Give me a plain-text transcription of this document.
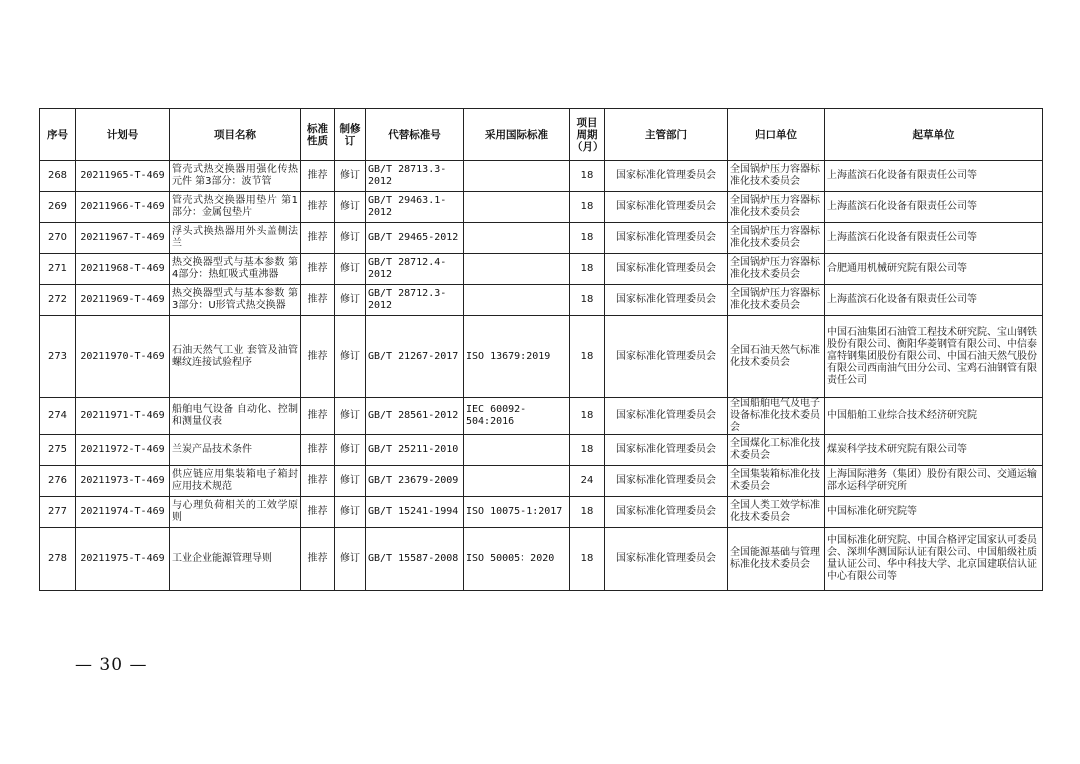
序号	计划号	项目名称	标准性质	制修订	代替标准号	采用国际标准	项目周期（月）	主管部门	归口单位	起草单位
268	20211965-T-469	管壳式热交换器用强化传热元件 第3部分：波节管	推荐	修订	GB/T 28713.3-2012		18	国家标准化管理委员会	全国锅炉压力容器标准化技术委员会	上海蓝滨石化设备有限责任公司等
269	20211966-T-469	管壳式热交换器用垫片 第1部分：金属包垫片	推荐	修订	GB/T 29463.1-2012		18	国家标准化管理委员会	全国锅炉压力容器标准化技术委员会	上海蓝滨石化设备有限责任公司等
270	20211967-T-469	浮头式换热器用外头盖侧法兰	推荐	修订	GB/T 29465-2012		18	国家标准化管理委员会	全国锅炉压力容器标准化技术委员会	上海蓝滨石化设备有限责任公司等
271	20211968-T-469	热交换器型式与基本参数 第4部分：热虹吸式重沸器	推荐	修订	GB/T 28712.4-2012		18	国家标准化管理委员会	全国锅炉压力容器标准化技术委员会	合肥通用机械研究院有限公司等
272	20211969-T-469	热交换器型式与基本参数 第3部分：U形管式热交换器	推荐	修订	GB/T 28712.3-2012		18	国家标准化管理委员会	全国锅炉压力容器标准化技术委员会	上海蓝滨石化设备有限责任公司等
273	20211970-T-469	石油天然气工业 套管及油管螺纹连接试验程序	推荐	修订	GB/T 21267-2017	ISO 13679:2019	18	国家标准化管理委员会	全国石油天然气标准化技术委员会	中国石油集团石油管工程技术研究院、宝山钢铁股份有限公司、衡阳华菱钢管有限公司、中信泰富特钢集团股份有限公司、中国石油天然气股份有限公司西南油气田分公司、宝鸡石油钢管有限责任公司
274	20211971-T-469	船舶电气设备 自动化、控制和测量仪表	推荐	修订	GB/T 28561-2012	IEC 60092-504:2016	18	国家标准化管理委员会	全国船舶电气及电子设备标准化技术委员会	中国船舶工业综合技术经济研究院
275	20211972-T-469	兰炭产品技术条件	推荐	修订	GB/T 25211-2010		18	国家标准化管理委员会	全国煤化工标准化技术委员会	煤炭科学技术研究院有限公司等
276	20211973-T-469	供应链应用集装箱电子箱封应用技术规范	推荐	修订	GB/T 23679-2009		24	国家标准化管理委员会	全国集装箱标准化技术委员会	上海国际港务（集团）股份有限公司、交通运输部水运科学研究所
277	20211974-T-469	与心理负荷相关的工效学原则	推荐	修订	GB/T 15241-1994	ISO 10075-1:2017	18	国家标准化管理委员会	全国人类工效学标准化技术委员会	中国标准化研究院等
278	20211975-T-469	工业企业能源管理导则	推荐	修订	GB/T 15587-2008	ISO 50005：2020	18	国家标准化管理委员会	全国能源基础与管理标准化技术委员会	中国标准化研究院、中国合格评定国家认可委员会、深圳华测国际认证有限公司、中国船级社质量认证公司、华中科技大学、北京国建联信认证中心有限公司等
— 30 —
